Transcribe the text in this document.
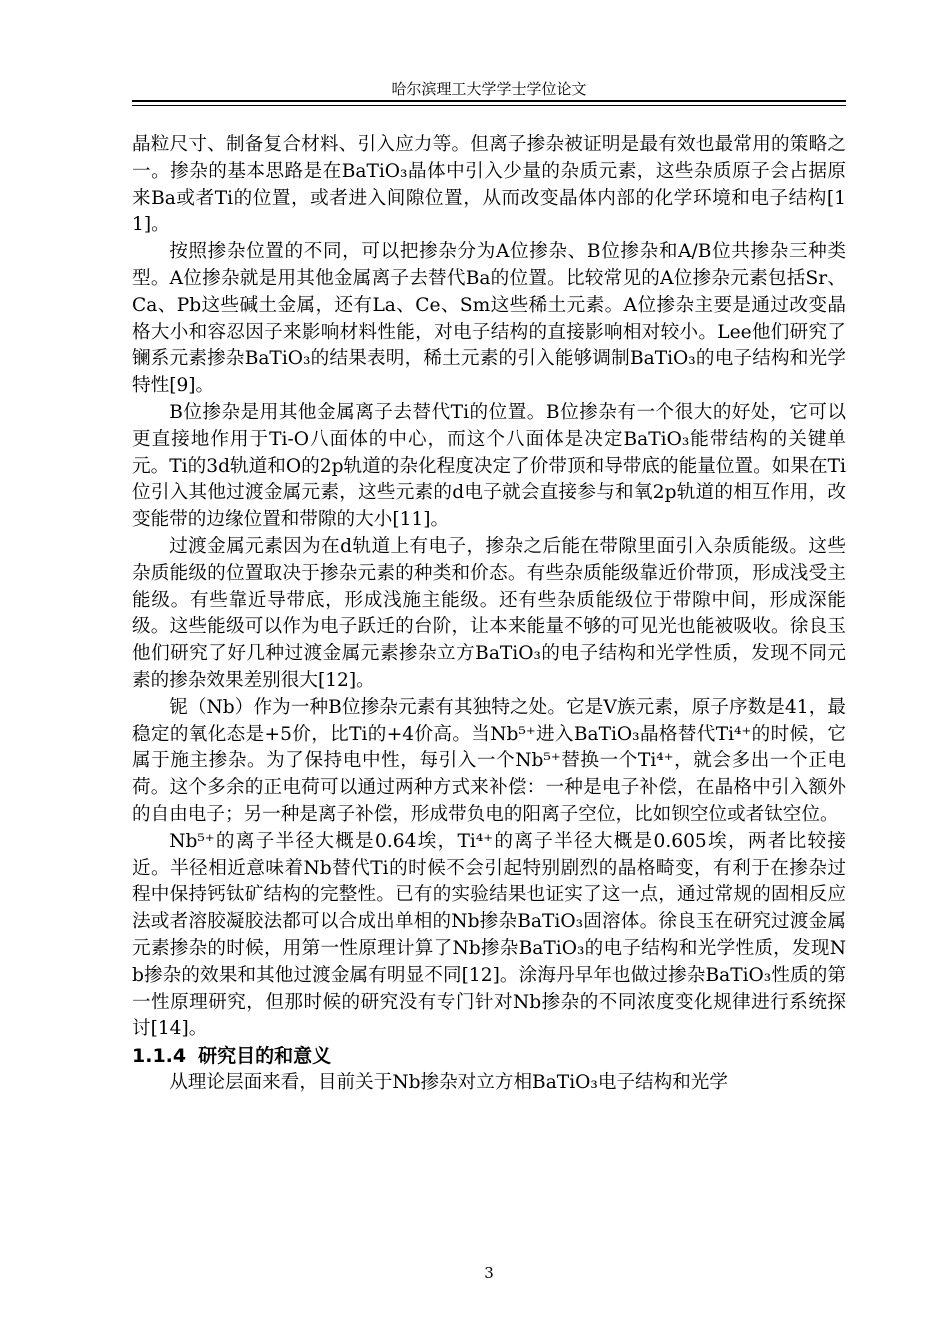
哈尔滨理工大学学士学位论文

晶粒尺寸、制备复合材料、引入应力等。但离子掺杂被证明是最有效也最常用的策略之一。掺杂的基本思路是在BaTiO₃晶体中引入少量的杂质元素，这些杂质原子会占据原来Ba或者Ti的位置，或者进入间隙位置，从而改变晶体内部的化学环境和电子结构[11]。

按照掺杂位置的不同，可以把掺杂分为A位掺杂、B位掺杂和A/B位共掺杂三种类型。A位掺杂就是用其他金属离子去替代Ba的位置。比较常见的A位掺杂元素包括Sr、Ca、Pb这些碱土金属，还有La、Ce、Sm这些稀土元素。A位掺杂主要是通过改变晶格大小和容忍因子来影响材料性能，对电子结构的直接影响相对较小。Lee他们研究了镧系元素掺杂BaTiO₃的结果表明，稀土元素的引入能够调制BaTiO₃的电子结构和光学特性[9]。

B位掺杂是用其他金属离子去替代Ti的位置。B位掺杂有一个很大的好处，它可以更直接地作用于Ti-O八面体的中心，而这个八面体是决定BaTiO₃能带结构的关键单元。Ti的3d轨道和O的2p轨道的杂化程度决定了价带顶和导带底的能量位置。如果在Ti位引入其他过渡金属元素，这些元素的d电子就会直接参与和氧2p轨道的相互作用，改变能带的边缘位置和带隙的大小[11]。

过渡金属元素因为在d轨道上有电子，掺杂之后能在带隙里面引入杂质能级。这些杂质能级的位置取决于掺杂元素的种类和价态。有些杂质能级靠近价带顶，形成浅受主能级。有些靠近导带底，形成浅施主能级。还有些杂质能级位于带隙中间，形成深能级。这些能级可以作为电子跃迁的台阶，让本来能量不够的可见光也能被吸收。徐良玉他们研究了好几种过渡金属元素掺杂立方BaTiO₃的电子结构和光学性质，发现不同元素的掺杂效果差别很大[12]。

铌（Nb）作为一种B位掺杂元素有其独特之处。它是V族元素，原子序数是41，最稳定的氧化态是+5价，比Ti的+4价高。当Nb⁵⁺进入BaTiO₃晶格替代Ti⁴⁺的时候，它属于施主掺杂。为了保持电中性，每引入一个Nb⁵⁺替换一个Ti⁴⁺，就会多出一个正电荷。这个多余的正电荷可以通过两种方式来补偿：一种是电子补偿，在晶格中引入额外的自由电子；另一种是离子补偿，形成带负电的阳离子空位，比如钡空位或者钛空位。

Nb⁵⁺的离子半径大概是0.64埃，Ti⁴⁺的离子半径大概是0.605埃，两者比较接近。半径相近意味着Nb替代Ti的时候不会引起特别剧烈的晶格畸变，有利于在掺杂过程中保持钙钛矿结构的完整性。已有的实验结果也证实了这一点，通过常规的固相反应法或者溶胶凝胶法都可以合成出单相的Nb掺杂BaTiO₃固溶体。徐良玉在研究过渡金属元素掺杂的时候，用第一性原理计算了Nb掺杂BaTiO₃的电子结构和光学性质，发现Nb掺杂的效果和其他过渡金属有明显不同[12]。涂海丹早年也做过掺杂BaTiO₃性质的第一性原理研究，但那时候的研究没有专门针对Nb掺杂的不同浓度变化规律进行系统探讨[14]。

1.1.4 研究目的和意义

从理论层面来看，目前关于Nb掺杂对立方相BaTiO₃电子结构和光学

3
